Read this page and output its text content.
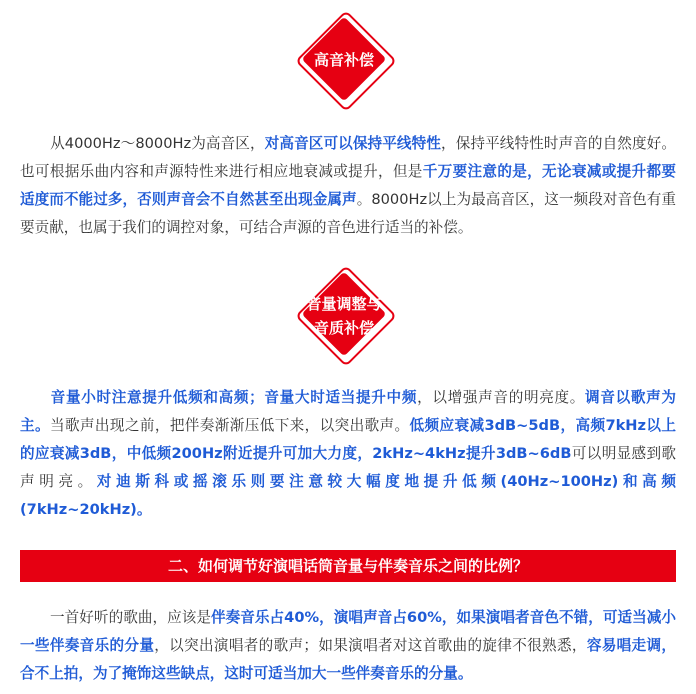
高音补偿

从4000Hz～8000Hz为高音区，对高音区可以保持平线特性，保持平线特性时声音的自然度好。也可根据乐曲内容和声源特性来进行相应地衰减或提升，但是千万要注意的是，无论衰减或提升都要适度而不能过多，否则声音会不自然甚至出现金属声。8000Hz以上为最高音区，这一频段对音色有重要贡献，也属于我们的调控对象，可结合声源的音色进行适当的补偿。

音量调整与
音质补偿

音量小时注意提升低频和高频；音量大时适当提升中频，以增强声音的明亮度。调音以歌声为主。当歌声出现之前，把伴奏渐渐压低下来，以突出歌声。低频应衰减3dB~5dB，高频7kHz以上的应衰减3dB，中低频200Hz附近提升可加大力度，2kHz~4kHz提升3dB~6dB可以明显感到歌声明亮。对迪斯科或摇滚乐则要注意较大幅度地提升低频(40Hz~100Hz)和高频(7kHz~20kHz)。

二、如何调节好演唱话筒音量与伴奏音乐之间的比例？

一首好听的歌曲，应该是伴奏音乐占40%，演唱声音占60%，如果演唱者音色不错，可适当减小一些伴奏音乐的分量，以突出演唱者的歌声；如果演唱者对这首歌曲的旋律不很熟悉，容易唱走调，合不上拍，为了掩饰这些缺点，这时可适当加大一些伴奏音乐的分量。
